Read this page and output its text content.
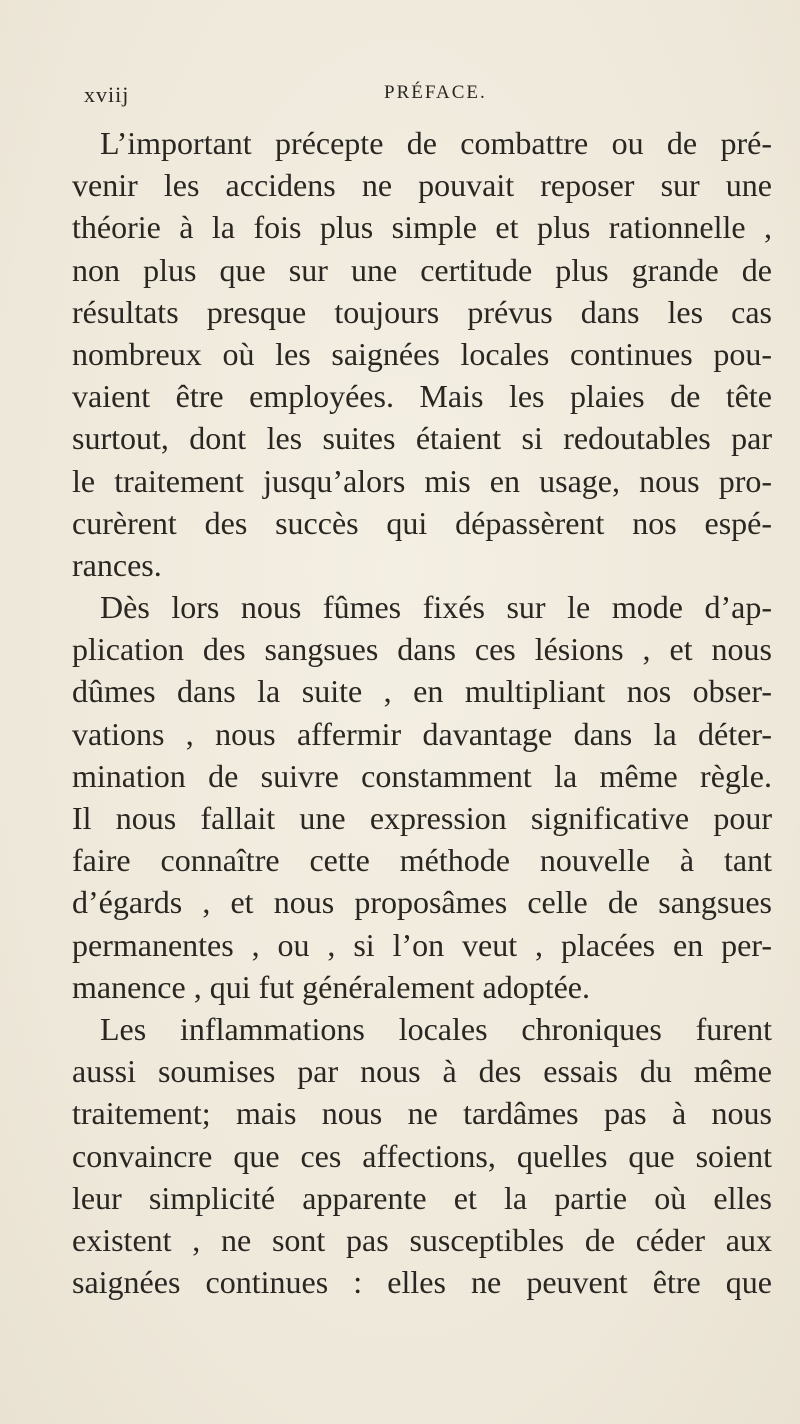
xviij	PRÉFACE.
L’important précepte de combattre ou de pré-
venir les accidens ne pouvait reposer sur une
théorie à la fois plus simple et plus rationnelle ,
non plus que sur une certitude plus grande de
résultats presque toujours prévus dans les cas
nombreux où les saignées locales continues pou-
vaient être employées. Mais les plaies de tête
surtout, dont les suites étaient si redoutables par
le traitement jusqu’alors mis en usage, nous pro-
curèrent des succès qui dépassèrent nos espé-
rances.
Dès lors nous fûmes fixés sur le mode d’ap-
plication des sangsues dans ces lésions , et nous
dûmes dans la suite , en multipliant nos obser-
vations , nous affermir davantage dans la déter-
mination de suivre constamment la même règle.
Il nous fallait une expression significative pour
faire connaître cette méthode nouvelle à tant
d’égards , et nous proposâmes celle de sangsues
permanentes , ou , si l’on veut , placées en per-
manence , qui fut généralement adoptée.
Les inflammations locales chroniques furent
aussi soumises par nous à des essais du même
traitement; mais nous ne tardâmes pas à nous
convaincre que ces affections, quelles que soient
leur simplicité apparente et la partie où elles
existent , ne sont pas susceptibles de céder aux
saignées continues : elles ne peuvent être que
